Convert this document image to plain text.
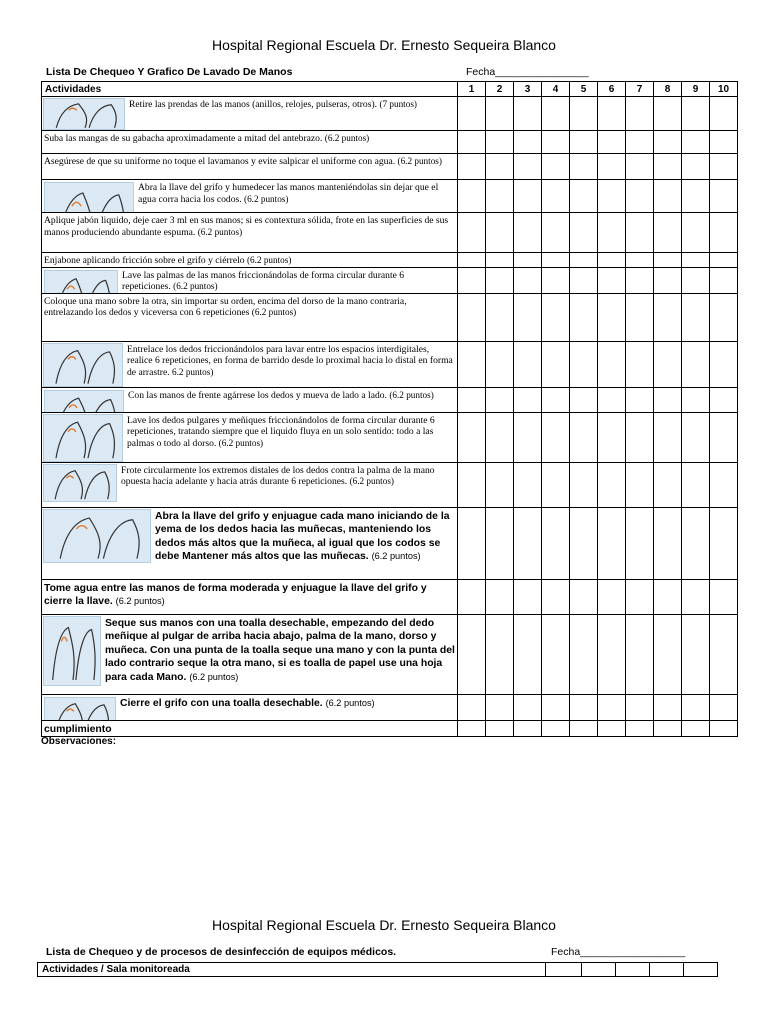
Hospital Regional Escuela Dr. Ernesto Sequeira Blanco
Lista De Chequeo Y Grafico De Lavado De Manos	Fecha________________
Actividades	1	2	3	4	5	6	7	8	9	10

Retire las prendas de las manos (anillos, relojes, pulseras, otros). (7 puntos)										

Suba las mangas de su gabacha aproximadamente a mitad del antebrazo. (6.2 puntos)										

Asegúrese de que su uniforme no toque el lavamanos y evite salpicar el uniforme con agua. (6.2 puntos)										

Abra la llave del grifo y humedecer las manos manteniéndolas sin dejar que el agua corra hacia los codos. (6.2 puntos)										

Aplique jabón liquido, deje caer 3 ml en sus manos; si es contextura sólida, frote en las superficies de sus manos produciendo abundante espuma. (6.2 puntos)										

Enjabone aplicando fricción sobre el grifo y ciérrelo (6.2 puntos)										

Lave las palmas de las manos friccionándolas de forma circular durante 6 repeticiones. (6.2 puntos)										

Coloque una mano sobre la otra, sin importar su orden, encima del dorso de la mano contraria, entrelazando los dedos y viceversa con 6 repeticiones (6.2 puntos)										

Entrelace los dedos friccionándolos para lavar entre los espacios interdigitales, realice 6 repeticiones, en forma de barrido desde lo proximal hacia lo distal en forma de arrastre. 6.2 puntos)										

Con las manos de frente agárrese los dedos y mueva de lado a lado. (6.2 puntos)										

Lave los dedos pulgares y meñiques friccionándolos de forma circular durante 6 repeticiones, tratando siempre que el liquido fluya en un solo sentido: todo a las palmas o todo al dorso. (6.2 puntos)										

Frote circularmente los extremos distales de los dedos contra la palma de la mano opuesta hacia adelante y hacia atrás durante 6 repeticiones. (6.2 puntos)										

Abra la llave del grifo y enjuague cada mano iniciando de la yema de los dedos hacia las muñecas, manteniendo los dedos más altos que la muñeca, al igual que los codos se debe Mantener más altos que las muñecas. (6.2 puntos)										

Tome agua entre las manos de forma moderada y enjuague la llave del grifo y cierre la llave. (6.2 puntos)										

Seque sus manos con una toalla desechable, empezando del dedo meñique al pulgar de arriba hacia abajo, palma de la mano, dorso y muñeca. Con una punta de la toalla seque una mano y con la punta del lado contrario seque la otra mano, si es toalla de papel use una hoja para cada Mano. (6.2 puntos)										

Cierre el grifo con una toalla desechable. (6.2 puntos)										

cumplimiento										

Observaciones:
Hospital Regional Escuela Dr. Ernesto Sequeira Blanco
Lista de Chequeo y de procesos de desinfección de equipos médicos.	Fecha__________________
Actividades / Sala monitoreada					
